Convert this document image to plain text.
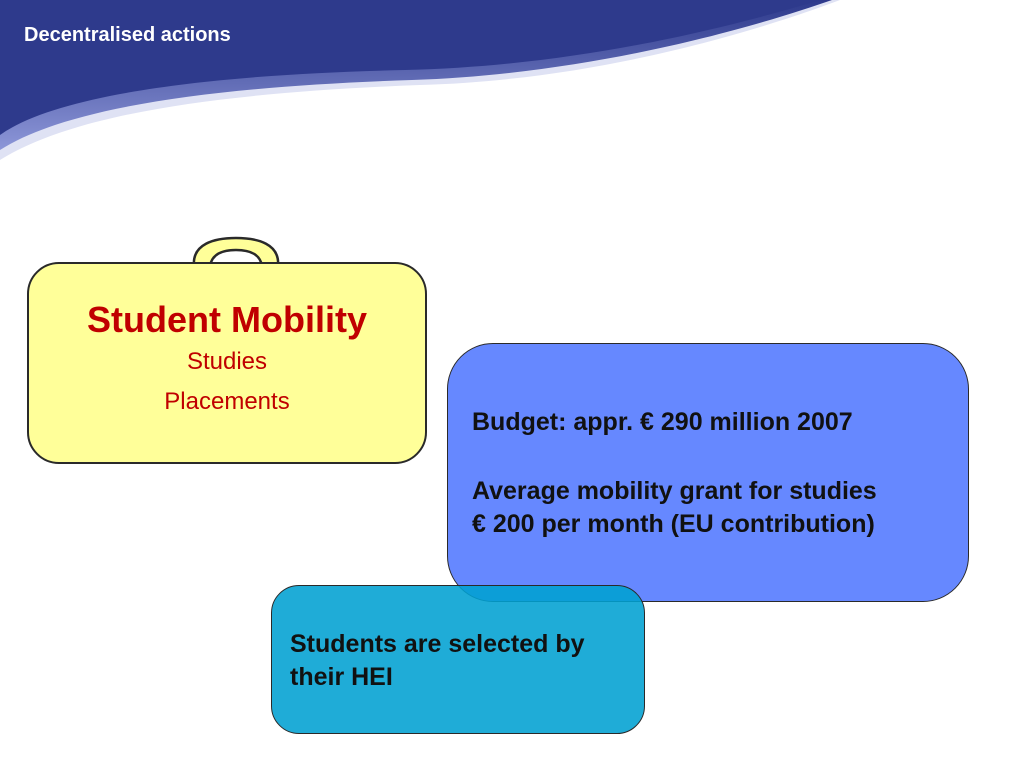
Decentralised actions

Student Mobility

Studies

Placements

Budget: appr. € 290 million 2007

Average mobility grant for studies

€ 200 per month (EU contribution)

Students are selected by

their HEI
